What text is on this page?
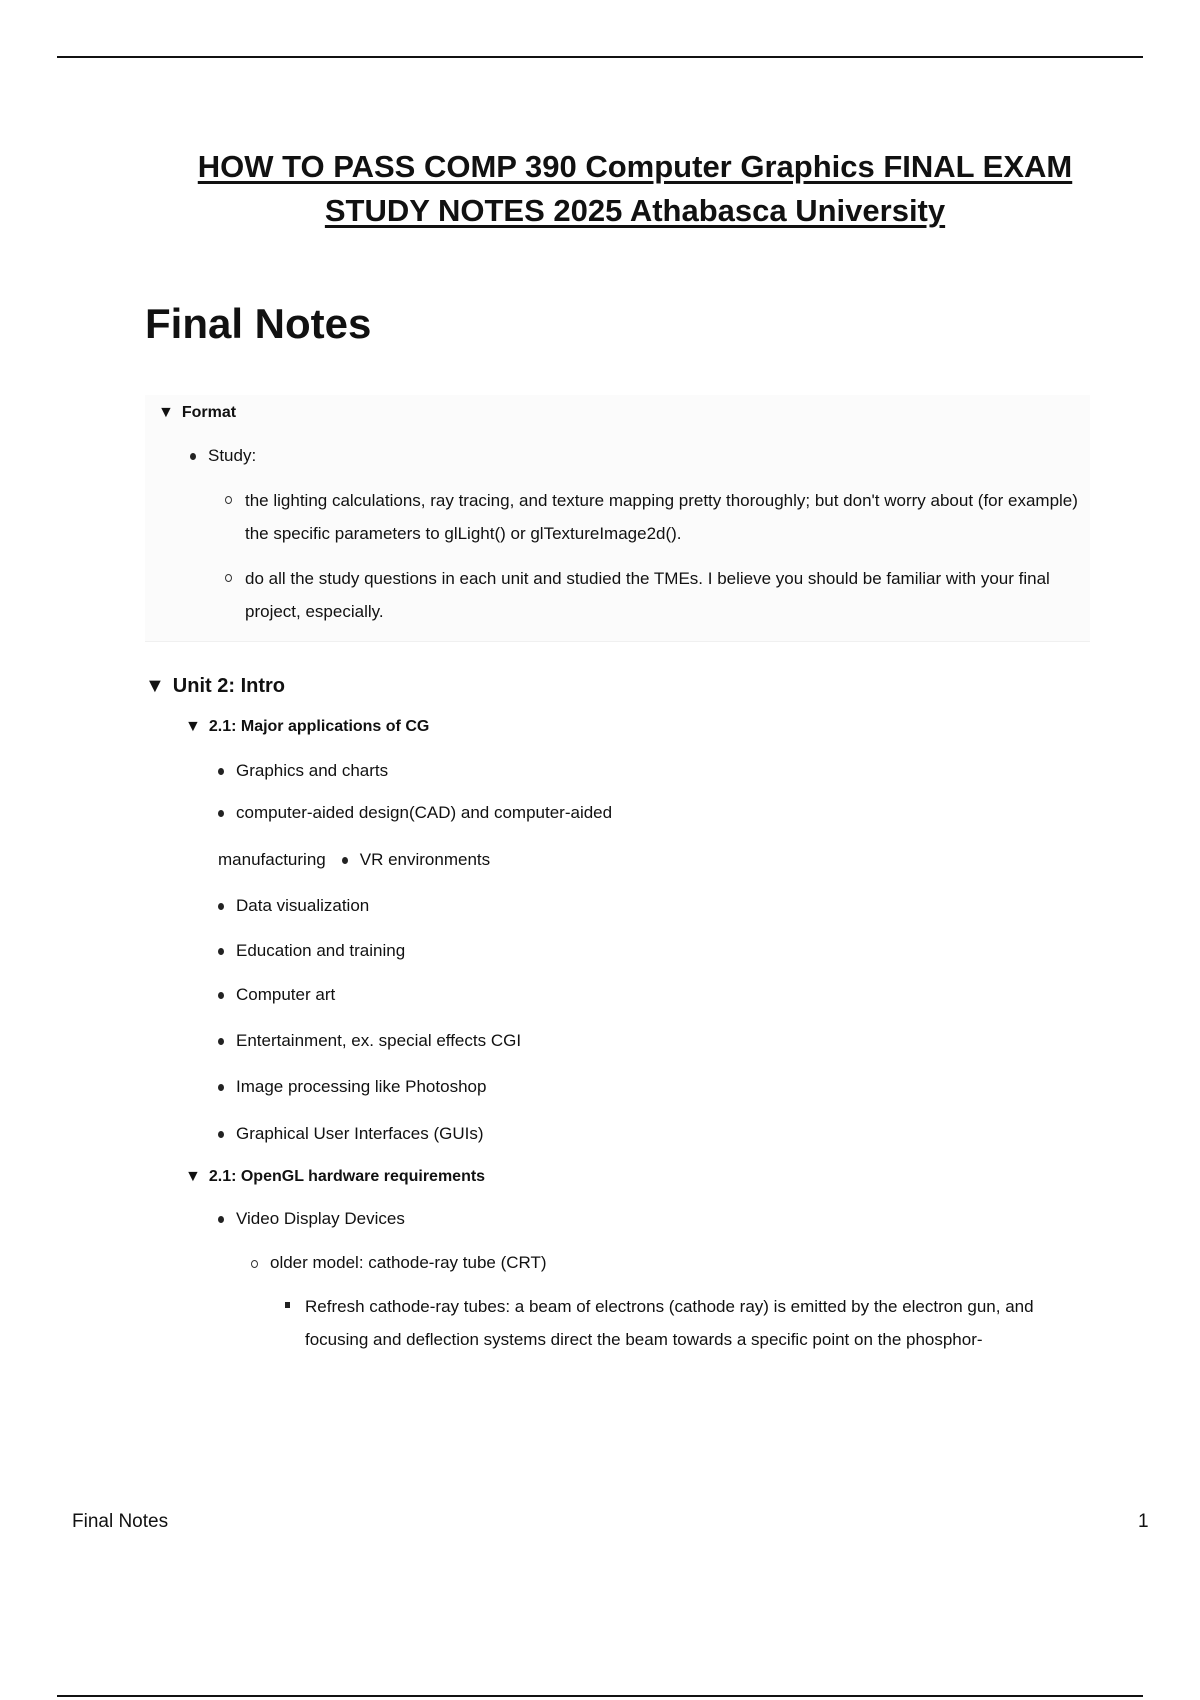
HOW TO PASS COMP 390 Computer Graphics FINAL EXAM
STUDY NOTES 2025 Athabasca University
Final Notes
▼ Format
Study:
the lighting calculations, ray tracing, and texture mapping pretty thoroughly; but don't worry about (for example) the specific parameters to glLight() or glTextureImage2d().
do all the study questions in each unit and studied the TMEs. I believe you should be familiar with your final project, especially.
▼ Unit 2: Intro
▼ 2.1: Major applications of CG
Graphics and charts
computer-aided design(CAD) and computer-aided
manufacturing VR environments
Data visualization
Education and training
Computer art
Entertainment, ex. special effects CGI
Image processing like Photoshop
Graphical User Interfaces (GUIs)
▼ 2.1: OpenGL hardware requirements
Video Display Devices
older model: cathode-ray tube (CRT)
Refresh cathode-ray tubes: a beam of electrons (cathode ray) is emitted by the electron gun, and focusing and deflection systems direct the beam towards a specific point on the phosphor-
Final Notes	1
